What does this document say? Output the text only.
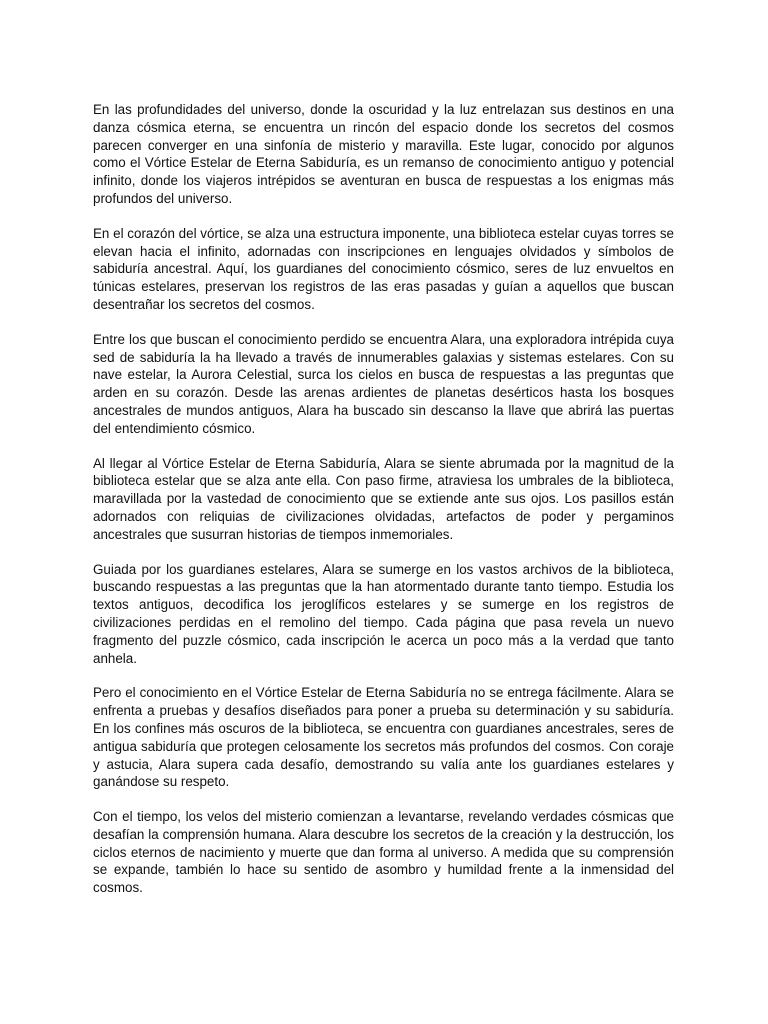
En las profundidades del universo, donde la oscuridad y la luz entrelazan sus destinos en una danza cósmica eterna, se encuentra un rincón del espacio donde los secretos del cosmos parecen converger en una sinfonía de misterio y maravilla. Este lugar, conocido por algunos como el Vórtice Estelar de Eterna Sabiduría, es un remanso de conocimiento antiguo y potencial infinito, donde los viajeros intrépidos se aventuran en busca de respuestas a los enigmas más profundos del universo.

En el corazón del vórtice, se alza una estructura imponente, una biblioteca estelar cuyas torres se elevan hacia el infinito, adornadas con inscripciones en lenguajes olvidados y símbolos de sabiduría ancestral. Aquí, los guardianes del conocimiento cósmico, seres de luz envueltos en túnicas estelares, preservan los registros de las eras pasadas y guían a aquellos que buscan desentrañar los secretos del cosmos.

Entre los que buscan el conocimiento perdido se encuentra Alara, una exploradora intrépida cuya sed de sabiduría la ha llevado a través de innumerables galaxias y sistemas estelares. Con su nave estelar, la Aurora Celestial, surca los cielos en busca de respuestas a las preguntas que arden en su corazón. Desde las arenas ardientes de planetas desérticos hasta los bosques ancestrales de mundos antiguos, Alara ha buscado sin descanso la llave que abrirá las puertas del entendimiento cósmico.

Al llegar al Vórtice Estelar de Eterna Sabiduría, Alara se siente abrumada por la magnitud de la biblioteca estelar que se alza ante ella. Con paso firme, atraviesa los umbrales de la biblioteca, maravillada por la vastedad de conocimiento que se extiende ante sus ojos. Los pasillos están adornados con reliquias de civilizaciones olvidadas, artefactos de poder y pergaminos ancestrales que susurran historias de tiempos inmemoriales.

Guiada por los guardianes estelares, Alara se sumerge en los vastos archivos de la biblioteca, buscando respuestas a las preguntas que la han atormentado durante tanto tiempo. Estudia los textos antiguos, decodifica los jeroglíficos estelares y se sumerge en los registros de civilizaciones perdidas en el remolino del tiempo. Cada página que pasa revela un nuevo fragmento del puzzle cósmico, cada inscripción le acerca un poco más a la verdad que tanto anhela.

Pero el conocimiento en el Vórtice Estelar de Eterna Sabiduría no se entrega fácilmente. Alara se enfrenta a pruebas y desafíos diseñados para poner a prueba su determinación y su sabiduría. En los confines más oscuros de la biblioteca, se encuentra con guardianes ancestrales, seres de antigua sabiduría que protegen celosamente los secretos más profundos del cosmos. Con coraje y astucia, Alara supera cada desafío, demostrando su valía ante los guardianes estelares y ganándose su respeto.

Con el tiempo, los velos del misterio comienzan a levantarse, revelando verdades cósmicas que desafían la comprensión humana. Alara descubre los secretos de la creación y la destrucción, los ciclos eternos de nacimiento y muerte que dan forma al universo. A medida que su comprensión se expande, también lo hace su sentido de asombro y humildad frente a la inmensidad del cosmos.
